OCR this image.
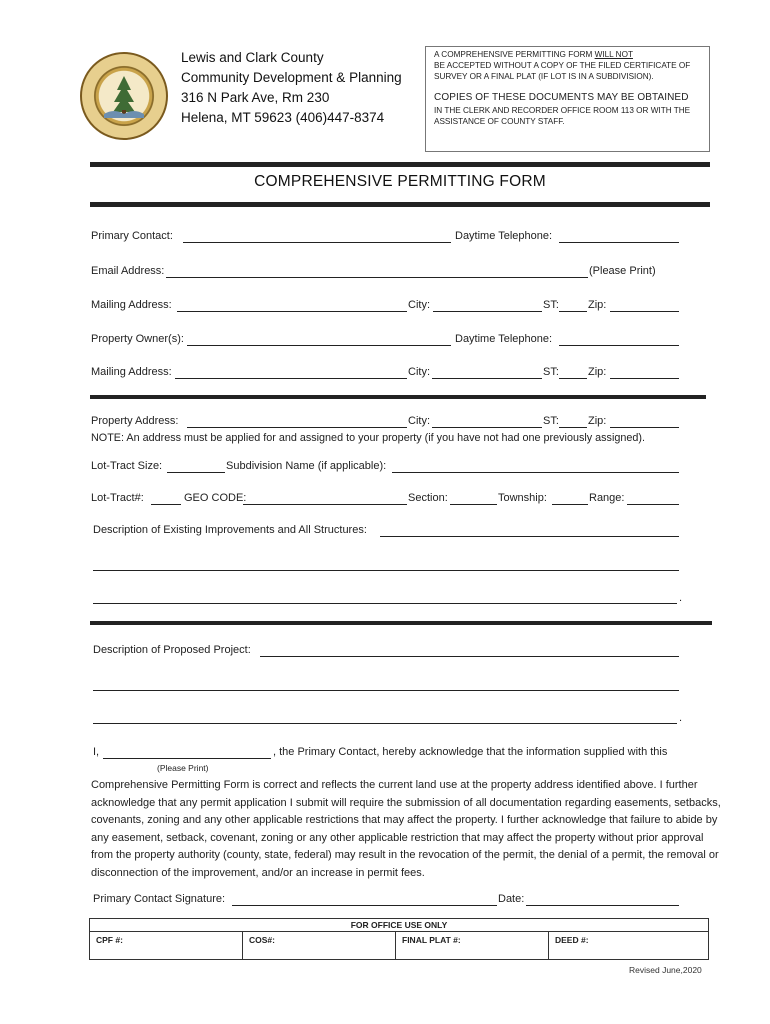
Lewis and Clark County
Community Development & Planning
316 N Park Ave, Rm 230
Helena, MT 59623 (406)447-8374
A COMPREHENSIVE PERMITTING FORM WILL NOT
BE ACCEPTED WITHOUT A COPY OF THE FILED CERTIFICATE OF
SURVEY OR A FINAL PLAT (IF LOT IS IN A SUBDIVISION).
COPIES OF THESE DOCUMENTS MAY BE OBTAINED
IN THE CLERK AND RECORDER OFFICE ROOM 113 OR WITH THE
ASSISTANCE OF COUNTY STAFF.
COMPREHENSIVE PERMITTING FORM
Primary Contact:	Daytime Telephone:
Email Address:	(Please Print)
Mailing Address:	City:	ST:	Zip:
Property Owner(s):	Daytime Telephone:
Mailing Address:	City:	ST:	Zip:
Property Address:	City:	ST:	Zip:
NOTE: An address must be applied for and assigned to your property (if you have not had one previously assigned).
Lot-Tract Size:	Subdivision Name (if applicable):
Lot-Tract#:	GEO CODE:	Section:	Township:	Range:
Description of Existing Improvements and All Structures:
.
Description of Proposed Project:
.
I,	, the Primary Contact, hereby acknowledge that the information supplied with this
(Please Print)
Comprehensive Permitting Form is correct and reflects the current land use at the property address identified above. I further acknowledge that any permit application I submit will require the submission of all documentation regarding easements, setbacks, covenants, zoning and any other applicable restrictions that may affect the property. I further acknowledge that failure to abide by any easement, setback, covenant, zoning or any other applicable restriction that may affect the property without prior approval from the property authority (county, state, federal) may result in the revocation of the permit, the denial of a permit, the removal or disconnection of the improvement, and/or an increase in permit fees.
Primary Contact Signature:	Date:
FOR OFFICE USE ONLY
CPF #:	COS#:	FINAL PLAT #:	DEED #:
Revised June,2020
